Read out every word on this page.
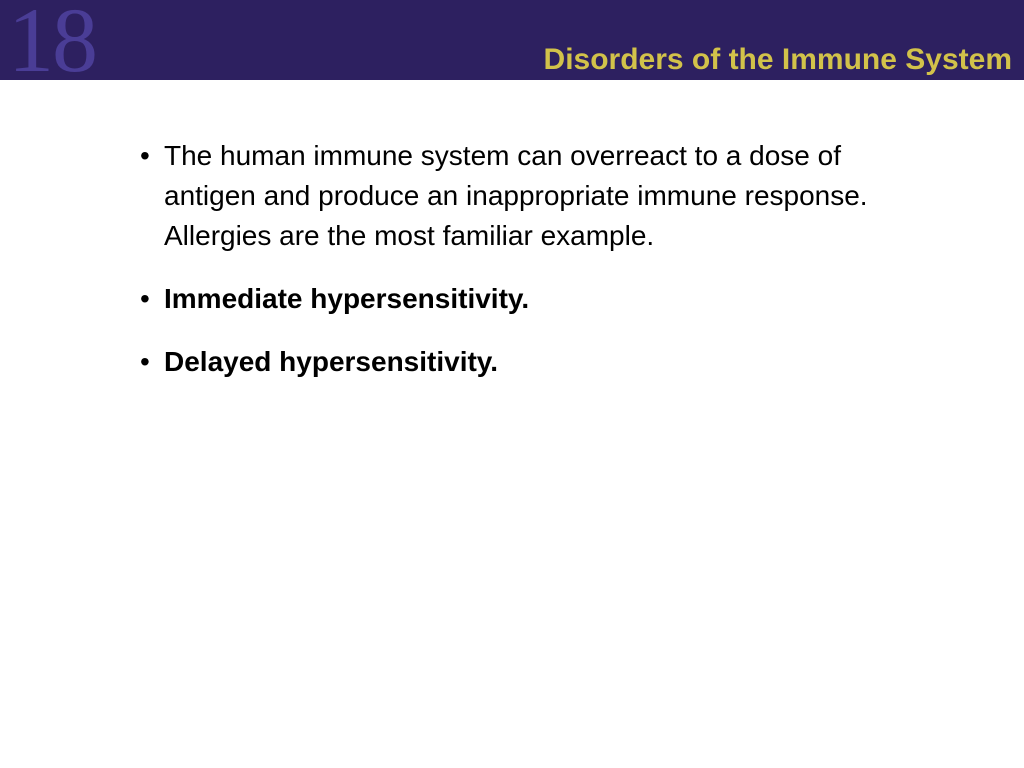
18	Disorders of the Immune System
• The human immune system can overreact to a dose of antigen and produce an inappropriate immune response. Allergies are the most familiar example.
• Immediate hypersensitivity.
• Delayed hypersensitivity.
